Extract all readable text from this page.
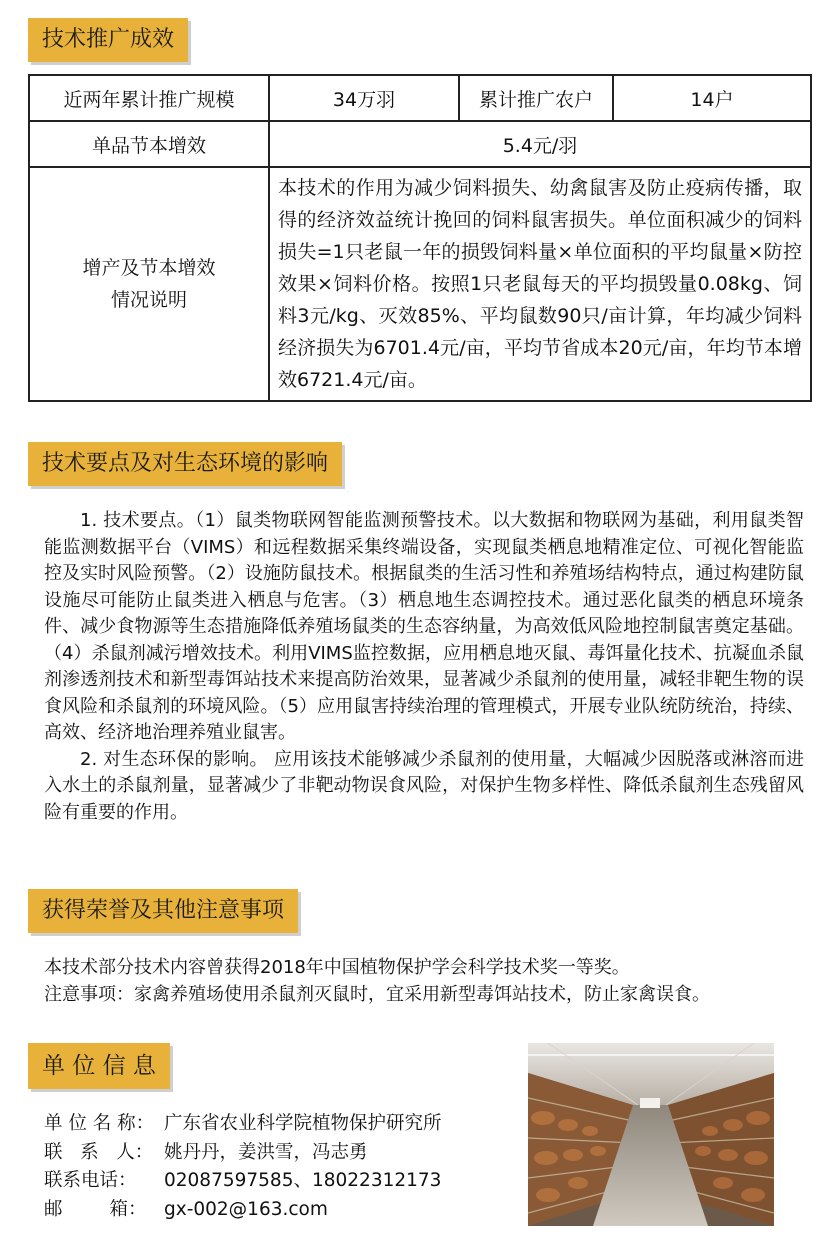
技术推广成效
近两年累计推广规模	34万羽	累计推广农户	14户
单品节本增效	5.4元/羽		

增产及节本增效
情况说明	本技术的作用为减少饲料损失、幼禽鼠害及防止疫病传播，取得的经济效益统计挽回的饲料鼠害损失。单位面积减少的饲料损失=1只老鼠一年的损毁饲料量×单位面积的平均鼠量×防控效果×饲料价格。按照1只老鼠每天的平均损毁量0.08kg、饲料3元/kg、灭效85%、平均鼠数90只/亩计算，年均减少饲料经济损失为6701.4元/亩，平均节省成本20元/亩，年均节本增效6721.4元/亩。		
技术要点及对生态环境的影响

1. 技术要点。（1）鼠类物联网智能监测预警技术。以大数据和物联网为基础，利用鼠类智能监测数据平台（VIMS）和远程数据采集终端设备，实现鼠类栖息地精准定位、可视化智能监控及实时风险预警。（2）设施防鼠技术。根据鼠类的生活习性和养殖场结构特点，通过构建防鼠设施尽可能防止鼠类进入栖息与危害。（3）栖息地生态调控技术。通过恶化鼠类的栖息环境条件、减少食物源等生态措施降低养殖场鼠类的生态容纳量，为高效低风险地控制鼠害奠定基础。（4）杀鼠剂减污增效技术。利用VIMS监控数据，应用栖息地灭鼠、毒饵量化技术、抗凝血杀鼠剂渗透剂技术和新型毒饵站技术来提高防治效果，显著减少杀鼠剂的使用量，减轻非靶生物的误食风险和杀鼠剂的环境风险。（5）应用鼠害持续治理的管理模式，开展专业队统防统治，持续、高效、经济地治理养殖业鼠害。

2. 对生态环保的影响。 应用该技术能够减少杀鼠剂的使用量，大幅减少因脱落或淋溶而进入水土的杀鼠剂量，显著减少了非靶动物误食风险，对保护生物多样性、降低杀鼠剂生态残留风险有重要的作用。

获得荣誉及其他注意事项

本技术部分技术内容曾获得2018年中国植物保护学会科学技术奖一等奖。

注意事项：家禽养殖场使用杀鼠剂灭鼠时，宜采用新型毒饵站技术，防止家禽误食。

单 位 信 息
单 位 名 称： 广东省农业科学院植物保护研究所
联   系   人： 姚丹丹，姜洪雪，冯志勇
联系电话：	02087597585、18022312173
邮        箱： gx-002@163.com
